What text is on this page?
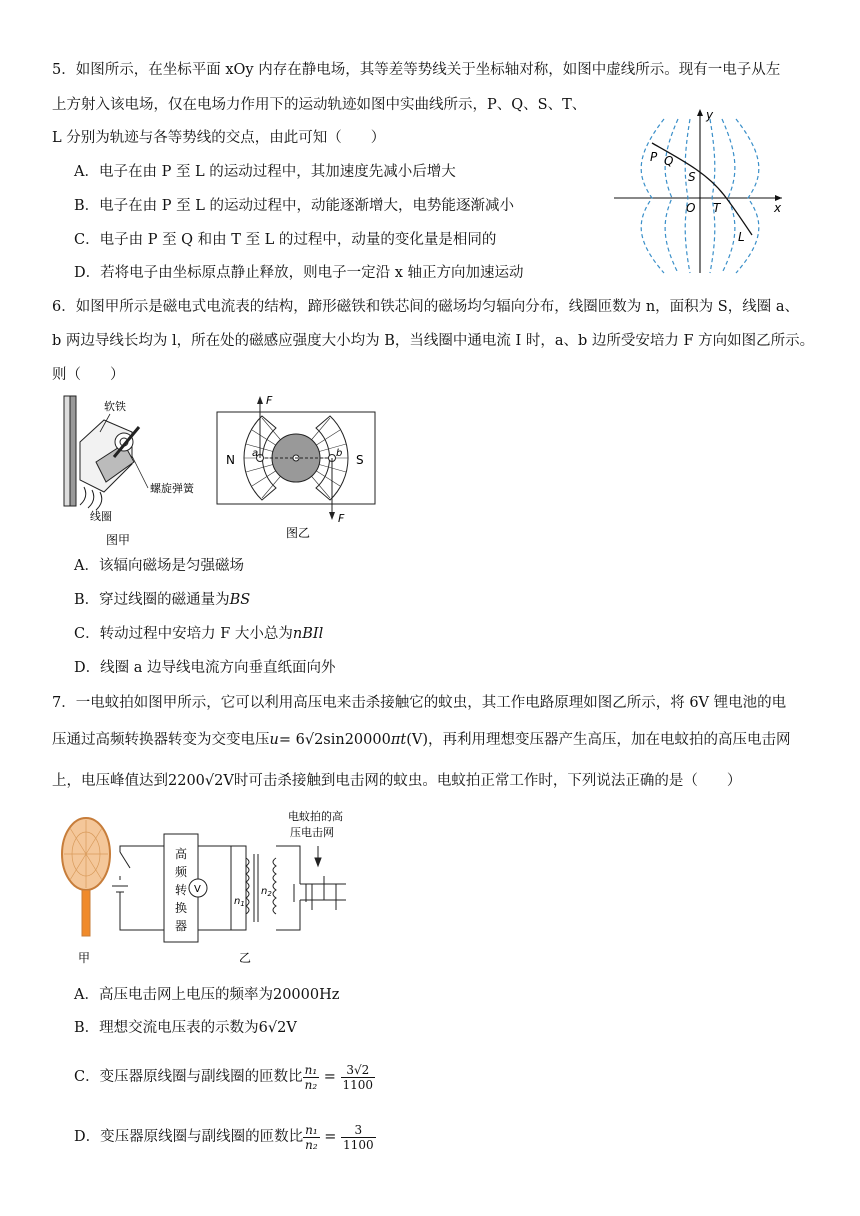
5．如图所示，在坐标平面 xOy 内存在静电场，其等差等势线关于坐标轴对称，如图中虚线所示。现有一电子从左
上方射入该电场，仅在电场力作用下的运动轨迹如图中实曲线所示，P、Q、S、T、
L 分别为轨迹与各等势线的交点，由此可知（　　）
A．电子在由 P 至 L 的运动过程中，其加速度先减小后增大
B．电子在由 P 至 L 的运动过程中，动能逐渐增大，电势能逐渐减小
C．电子由 P 至 Q 和由 T 至 L 的过程中，动量的变化量是相同的
D．若将电子由坐标原点静止释放，则电子一定沿 x 轴正方向加速运动
y
x
P Q
S
O T
L
6．如图甲所示是磁电式电流表的结构，蹄形磁铁和铁芯间的磁场均匀辐向分布，线圈匝数为 n，面积为 S，线圈 a、
b 两边导线长均为 l，所在处的磁感应强度大小均为 B，当线圈中通电流 I 时，a、b 边所受安培力 F 方向如图乙所示。
则（　　）
软铁
螺旋弹簧
线圈
图甲
N	S
F
F
a	b
图乙
A．该辐向磁场是匀强磁场
B．穿过线圈的磁通量为BS
C．转动过程中安培力 F 大小总为nBIl
D．线圈 a 边导线电流方向垂直纸面向外
7．一电蚊拍如图甲所示，它可以利用高压电来击杀接触它的蚊虫，其工作电路原理如图乙所示，将 6V 锂电池的电
压通过高频转换器转变为交变电压u= 6√2sin20000πt(V)，再利用理想变压器产生高压，加在电蚊拍的高压电击网
上，电压峰值达到2200√2V时可击杀接触到电击网的蚊虫。电蚊拍正常工作时，下列说法正确的是（　　）
甲
V
高
频
转
换
器
$n_1$
$n_2$
电蚊拍的高
压电击网
乙
A．高压电击网上电压的频率为20000Hz
B．理想交流电压表的示数为6√2V
C．变压器原线圈与副线圈的匝数比 $\frac{\text{n₁}}{\text{n₂}} = \frac{3√2}{1100}$
D．变压器原线圈与副线圈的匝数比 $\frac{\text{n₁}}{\text{n₂}} = \frac{3}{1100}$
